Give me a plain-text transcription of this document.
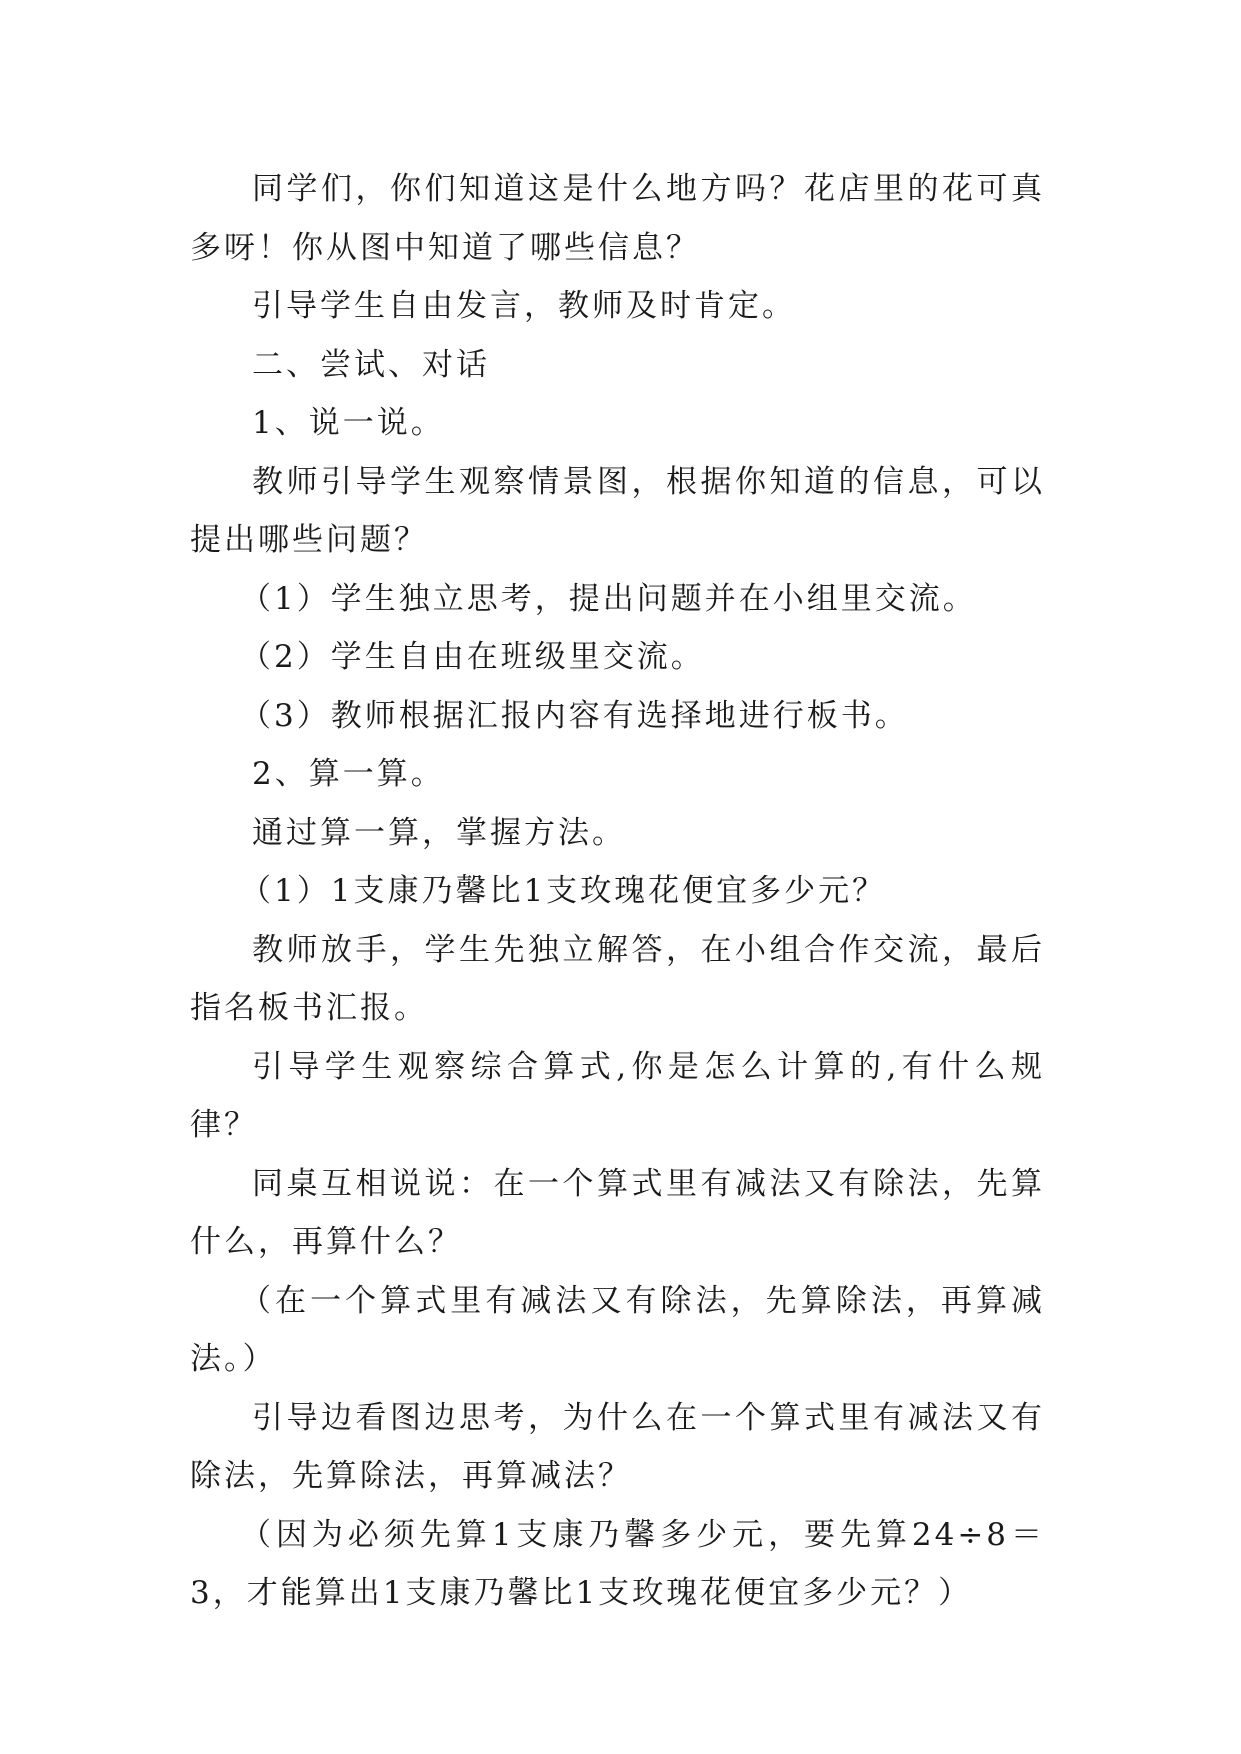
同学们，你们知道这是什么地方吗？花店里的花可真多呀！你从图中知道了哪些信息？

引导学生自由发言，教师及时肯定。

二、尝试、对话

1、说一说。

教师引导学生观察情景图，根据你知道的信息，可以提出哪些问题？

（1）学生独立思考，提出问题并在小组里交流。

（2）学生自由在班级里交流。

（3）教师根据汇报内容有选择地进行板书。

2、算一算。

通过算一算，掌握方法。

（1）1支康乃馨比1支玫瑰花便宜多少元？

教师放手，学生先独立解答，在小组合作交流，最后指名板书汇报。

引导学生观察综合算式,你是怎么计算的,有什么规律？

同桌互相说说：在一个算式里有减法又有除法，先算什么，再算什么？

（在一个算式里有减法又有除法，先算除法，再算减法。）

引导边看图边思考，为什么在一个算式里有减法又有除法，先算除法，再算减法？

（因为必须先算1支康乃馨多少元，要先算24÷8＝3，才能算出1支康乃馨比1支玫瑰花便宜多少元？）
